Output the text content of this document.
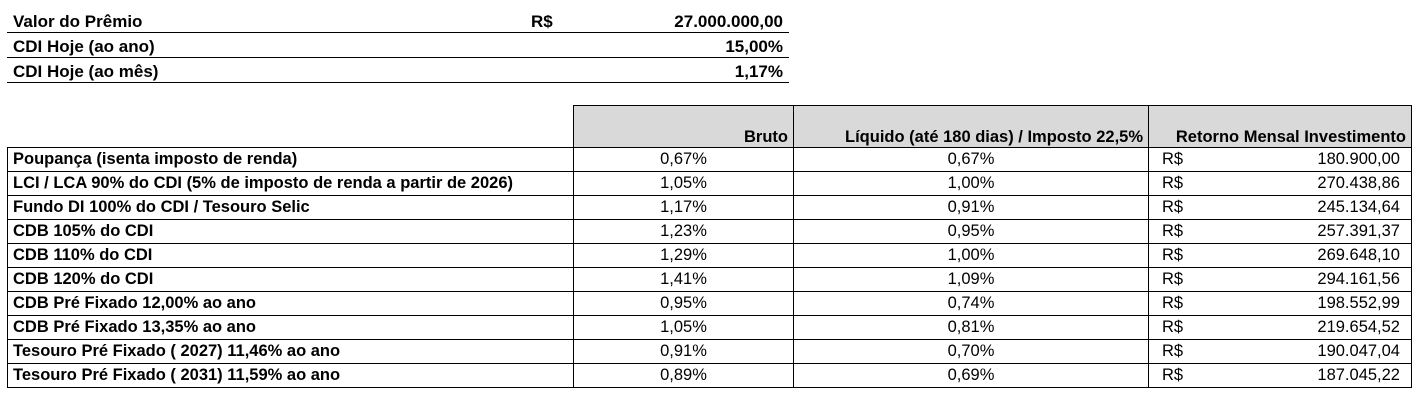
Valor do Prêmio	R$	27.000.000,00
CDI Hoje (ao ano)	15,00%
CDI Hoje (ao mês)	1,17%
	Bruto	Líquido (até 180 dias) / Imposto 22,5%	Retorno Mensal Investimento
Poupança (isenta imposto de renda)	0,67%	0,67%	R$ 180.900,00

LCI / LCA 90% do CDI (5% de imposto de renda a partir de 2026)	1,05%	1,00%	R$ 270.438,86

Fundo DI 100% do CDI / Tesouro Selic	1,17%	0,91%	R$ 245.134,64

CDB 105% do CDI	1,23%	0,95%	R$ 257.391,37

CDB 110% do CDI	1,29%	1,00%	R$ 269.648,10

CDB 120% do CDI	1,41%	1,09%	R$ 294.161,56

CDB Pré Fixado 12,00% ao ano	0,95%	0,74%	R$ 198.552,99

CDB Pré Fixado 13,35% ao ano	1,05%	0,81%	R$ 219.654,52

Tesouro Pré Fixado ( 2027) 11,46% ao ano	0,91%	0,70%	R$ 190.047,04

Tesouro Pré Fixado ( 2031) 11,59% ao ano	0,89%	0,69%	R$ 187.045,22
